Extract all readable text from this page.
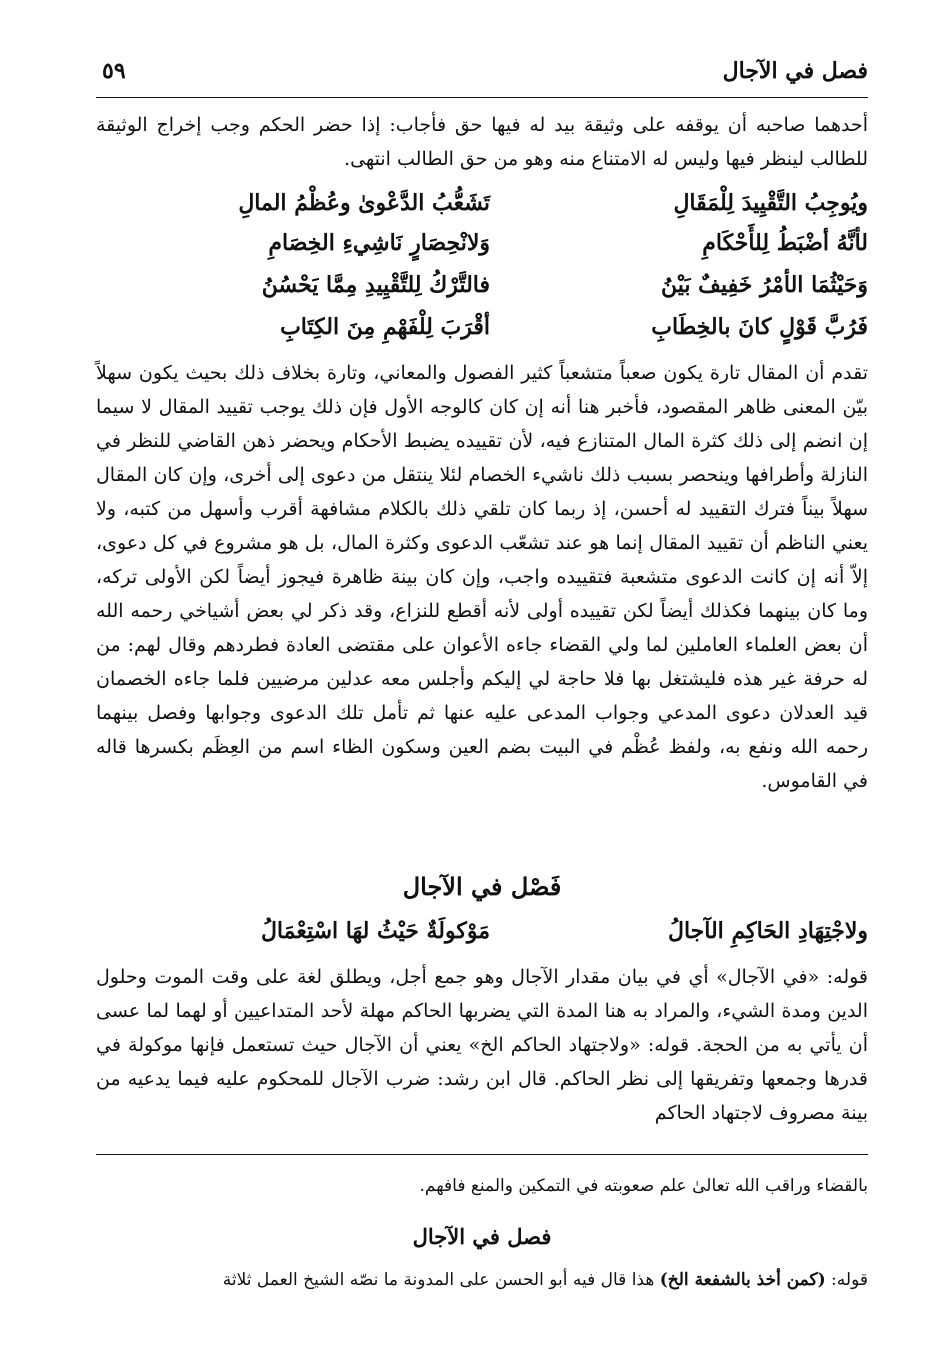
فصل في الآجال
٥٩
أحدهما صاحبه أن يوقفه على وثيقة بيد له فيها حق فأجاب: إذا حضر الحكم وجب إخراج الوثيقة للطالب لينظر فيها وليس له الامتناع منه وهو من حق الطالب انتهى.
ويُوجِبُ التَّقْيِيدَ لِلْمَقَالِ
تَشَعُّبُ الدَّعْوىٰ وعُظْمُ المالِ
لأنَّهُ أضْبَطُ لِلأَحْكَامِ
وَلانْحِصَارٍ نَاشِيءِ الخِصَامِ
وَحَيْثُمَا الأمْرُ خَفِيفٌ بَيْنُ
فالتَّرْكُ لِلتَّقْيِيدِ مِمَّا يَحْسُنُ
فَرُبَّ قَوْلٍ كانَ بالخِطَابِ
أقْرَبَ لِلْفَهْمِ مِنَ الكِتَابِ
تقدم أن المقال تارة يكون صعباً متشعباً كثير الفصول والمعاني، وتارة بخلاف ذلك بحيث يكون سهلاً بيّن المعنى ظاهر المقصود، فأخبر هنا أنه إن كان كالوجه الأول فإن ذلك يوجب تقييد المقال لا سيما إن انضم إلى ذلك كثرة المال المتنازع فيه، لأن تقييده يضبط الأحكام ويحضر ذهن القاضي للنظر في النازلة وأطرافها وينحصر بسبب ذلك ناشيء الخصام لئلا ينتقل من دعوى إلى أخرى، وإن كان المقال سهلاً بيناً فترك التقييد له أحسن، إذ ربما كان تلقي ذلك بالكلام مشافهة أقرب وأسهل من كتبه، ولا يعني الناظم أن تقييد المقال إنما هو عند تشعّب الدعوى وكثرة المال، بل هو مشروع في كل دعوى، إلاّ أنه إن كانت الدعوى متشعبة فتقييده واجب، وإن كان بينة ظاهرة فيجوز أيضاً لكن الأولى تركه، وما كان بينهما فكذلك أيضاً لكن تقييده أولى لأنه أقطع للنزاع، وقد ذكر لي بعض أشياخي رحمه الله أن بعض العلماء العاملين لما ولي القضاء جاءه الأعوان على مقتضى العادة فطردهم وقال لهم: من له حرفة غير هذه فليشتغل بها فلا حاجة لي إليكم وأجلس معه عدلين مرضيين فلما جاءه الخصمان قيد العدلان دعوى المدعي وجواب المدعى عليه عنها ثم تأمل تلك الدعوى وجوابها وفصل بينهما رحمه الله ونفع به، ولفظ عُظْم في البيت بضم العين وسكون الظاء اسم من العِظَم بكسرها قاله في القاموس.
فَصْل في الآجال
ولاجْتِهَادِ الحَاكِمِ الآجالُ
مَوْكولَةٌ حَيْثُ لهَا اسْتِعْمَالُ
قوله: «في الآجال» أي في بيان مقدار الآجال وهو جمع أجل، ويطلق لغة على وقت الموت وحلول الدين ومدة الشيء، والمراد به هنا المدة التي يضربها الحاكم مهلة لأحد المتداعيين أو لهما لما عسى أن يأتي به من الحجة. قوله: «ولاجتهاد الحاكم الخ» يعني أن الآجال حيث تستعمل فإنها موكولة في قدرها وجمعها وتفريقها إلى نظر الحاكم. قال ابن رشد: ضرب الآجال للمحكوم عليه فيما يدعيه من بينة مصروف لاجتهاد الحاكم
بالقضاء وراقب الله تعالىٰ علم صعوبته في التمكين والمنع فافهم.
فصل في الآجال
قوله: (كمن أخذ بالشفعة الخ) هذا قال فيه أبو الحسن على المدونة ما نصّه الشيخ العمل ثلاثة
